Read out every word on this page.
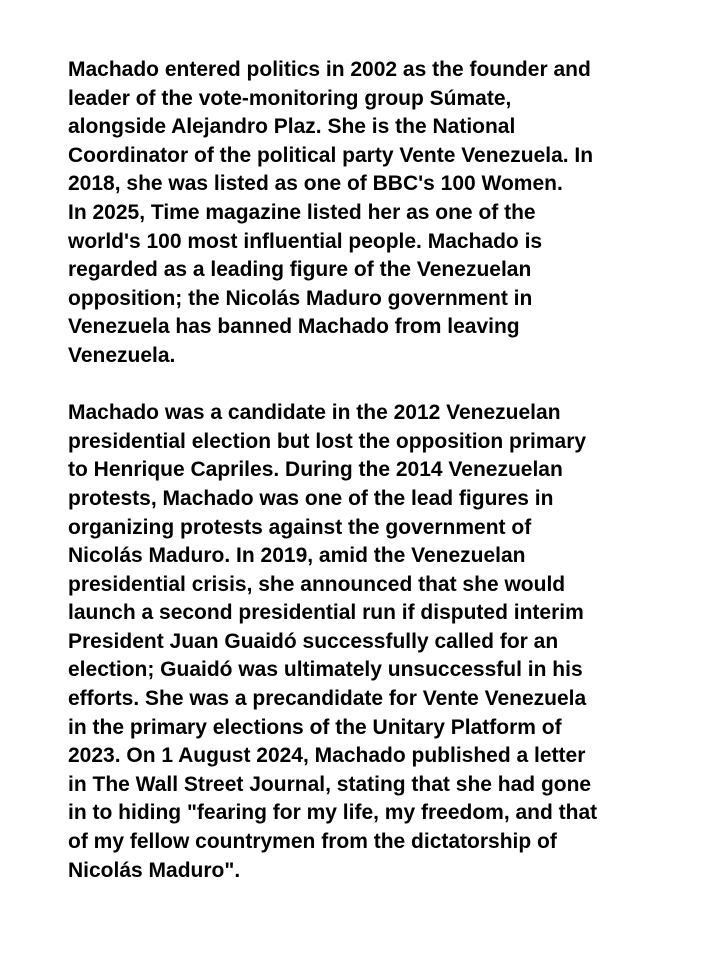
Machado entered politics in 2002 as the founder and
leader of the vote-monitoring group Súmate,
alongside Alejandro Plaz. She is the National
Coordinator of the political party Vente Venezuela. In
2018, she was listed as one of BBC's 100 Women.
In 2025, Time magazine listed her as one of the
world's 100 most influential people. Machado is
regarded as a leading figure of the Venezuelan
opposition; the Nicolás Maduro government in
Venezuela has banned Machado from leaving
Venezuela.

Machado was a candidate in the 2012 Venezuelan
presidential election but lost the opposition primary
to Henrique Capriles. During the 2014 Venezuelan
protests, Machado was one of the lead figures in
organizing protests against the government of
Nicolás Maduro. In 2019, amid the Venezuelan
presidential crisis, she announced that she would
launch a second presidential run if disputed interim
President Juan Guaidó successfully called for an
election; Guaidó was ultimately unsuccessful in his
efforts. She was a precandidate for Vente Venezuela
in the primary elections of the Unitary Platform of
2023. On 1 August 2024, Machado published a letter
in The Wall Street Journal, stating that she had gone
in to hiding "fearing for my life, my freedom, and that
of my fellow countrymen from the dictatorship of
Nicolás Maduro".
